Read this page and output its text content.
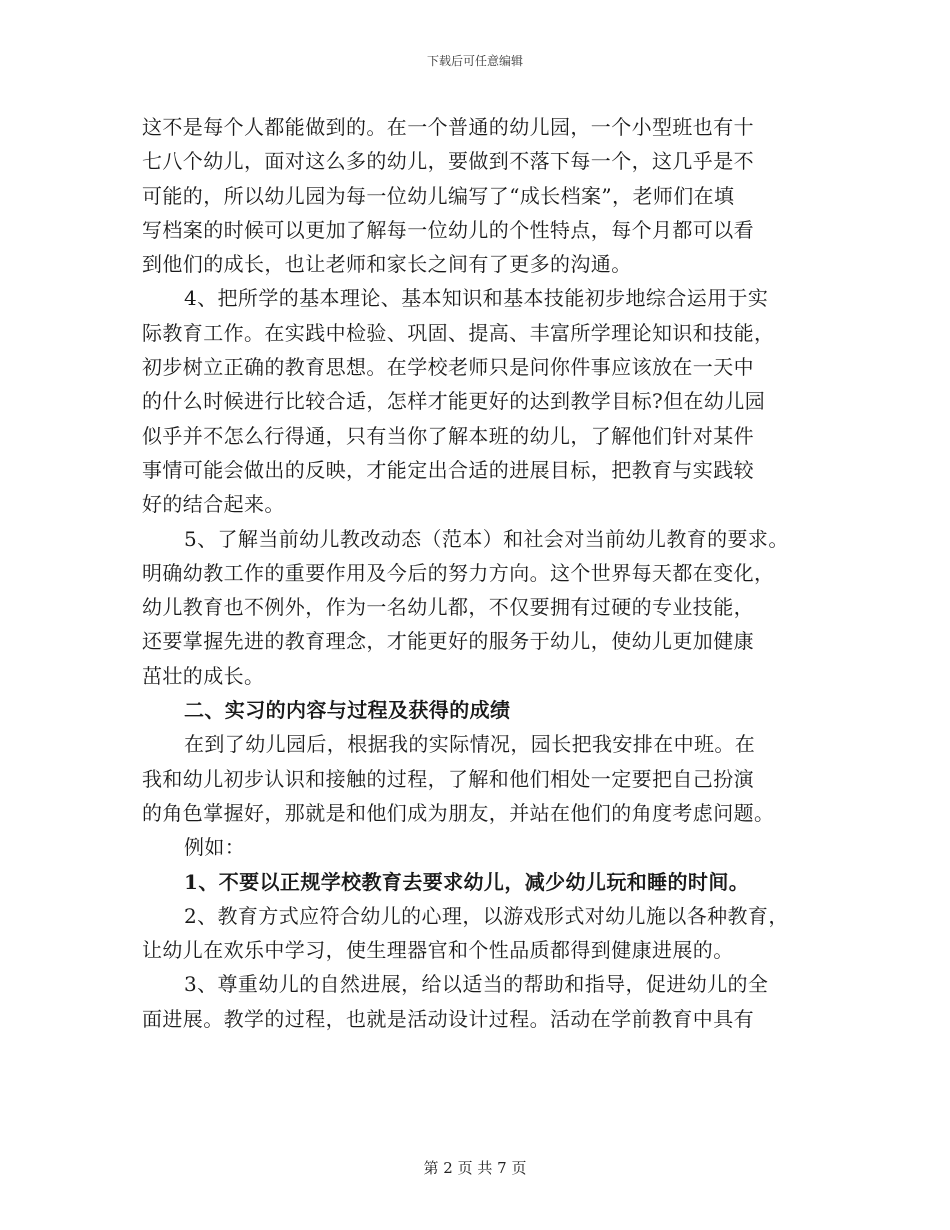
下载后可任意编辑
这不是每个人都能做到的。在一个普通的幼儿园，一个小型班也有十
七八个幼儿，面对这么多的幼儿，要做到不落下每一个，这几乎是不
可能的，所以幼儿园为每一位幼儿编写了“成长档案”，老师们在填
写档案的时候可以更加了解每一位幼儿的个性特点，每个月都可以看
到他们的成长，也让老师和家长之间有了更多的沟通。
4、把所学的基本理论、基本知识和基本技能初步地综合运用于实
际教育工作。在实践中检验、巩固、提高、丰富所学理论知识和技能，
初步树立正确的教育思想。在学校老师只是问你件事应该放在一天中
的什么时候进行比较合适，怎样才能更好的达到教学目标?但在幼儿园
似乎并不怎么行得通，只有当你了解本班的幼儿，了解他们针对某件
事情可能会做出的反映，才能定出合适的进展目标，把教育与实践较
好的结合起来。
5、了解当前幼儿教改动态（范本）和社会对当前幼儿教育的要求。
明确幼教工作的重要作用及今后的努力方向。这个世界每天都在变化，
幼儿教育也不例外，作为一名幼儿都，不仅要拥有过硬的专业技能，
还要掌握先进的教育理念，才能更好的服务于幼儿，使幼儿更加健康
茁壮的成长。
二、实习的内容与过程及获得的成绩
在到了幼儿园后，根据我的实际情况，园长把我安排在中班。在
我和幼儿初步认识和接触的过程，了解和他们相处一定要把自己扮演
的角色掌握好，那就是和他们成为朋友，并站在他们的角度考虑问题。
例如：
1、不要以正规学校教育去要求幼儿，减少幼儿玩和睡的时间。
2、教育方式应符合幼儿的心理，以游戏形式对幼儿施以各种教育，
让幼儿在欢乐中学习，使生理器官和个性品质都得到健康进展的。
3、尊重幼儿的自然进展，给以适当的帮助和指导，促进幼儿的全
面进展。教学的过程，也就是活动设计过程。活动在学前教育中具有
第 2 页 共 7 页
